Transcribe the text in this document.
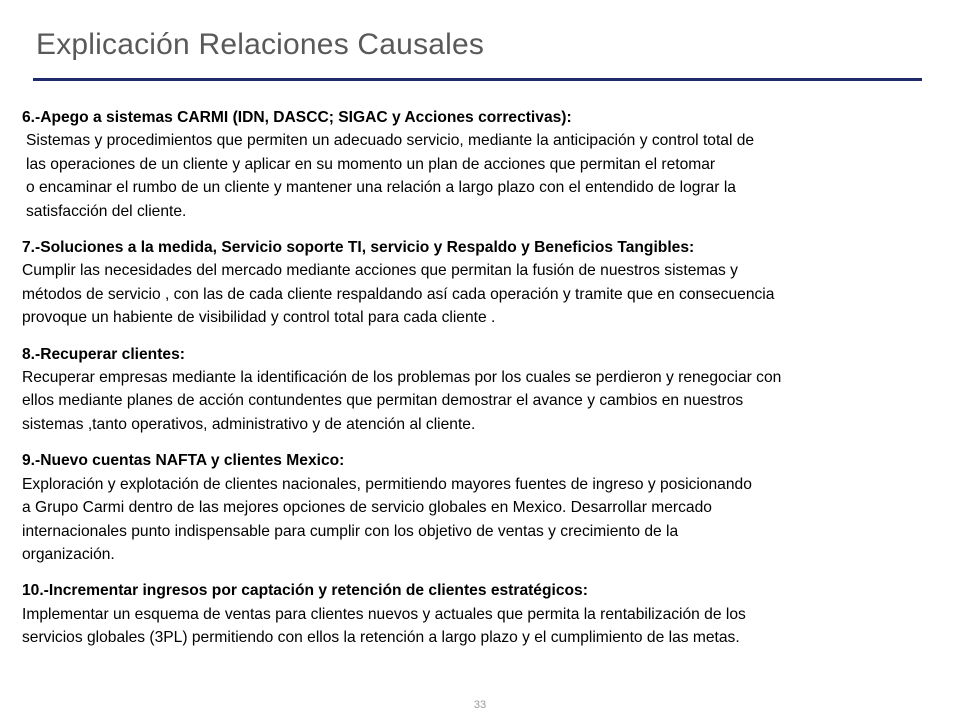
Explicación Relaciones Causales
6.-Apego a sistemas CARMI (IDN, DASCC; SIGAC y Acciones correctivas):
Sistemas y procedimientos que permiten un adecuado servicio, mediante la anticipación y control total de
las operaciones de un cliente y aplicar en su momento un plan de acciones que permitan el retomar
o encaminar el rumbo de un cliente y mantener una relación a largo plazo con el entendido de lograr la
satisfacción del cliente.
7.-Soluciones a la medida, Servicio soporte TI, servicio y Respaldo y Beneficios Tangibles:
Cumplir las necesidades del mercado mediante acciones que permitan la fusión de nuestros sistemas y
métodos de servicio , con las de cada cliente respaldando así cada operación y tramite que en consecuencia
provoque un habiente de visibilidad y control total para cada cliente .
8.-Recuperar clientes:
Recuperar empresas mediante la identificación de los problemas por los cuales se perdieron y renegociar con
ellos mediante planes de acción contundentes que permitan demostrar el avance y cambios en nuestros
sistemas ,tanto operativos, administrativo y de atención al cliente.
9.-Nuevo cuentas NAFTA y clientes Mexico:
Exploración y explotación de clientes nacionales, permitiendo mayores fuentes de ingreso y posicionando
a Grupo Carmi dentro de las mejores opciones de servicio globales en Mexico. Desarrollar mercado
internacionales punto indispensable para cumplir con los objetivo de ventas y crecimiento de la
organización.
10.-Incrementar ingresos por captación y retención de clientes estratégicos:
Implementar un esquema de ventas para clientes nuevos y actuales que permita la rentabilización de los
servicios globales (3PL) permitiendo con ellos la retención a largo plazo y el cumplimiento de las metas.
33
